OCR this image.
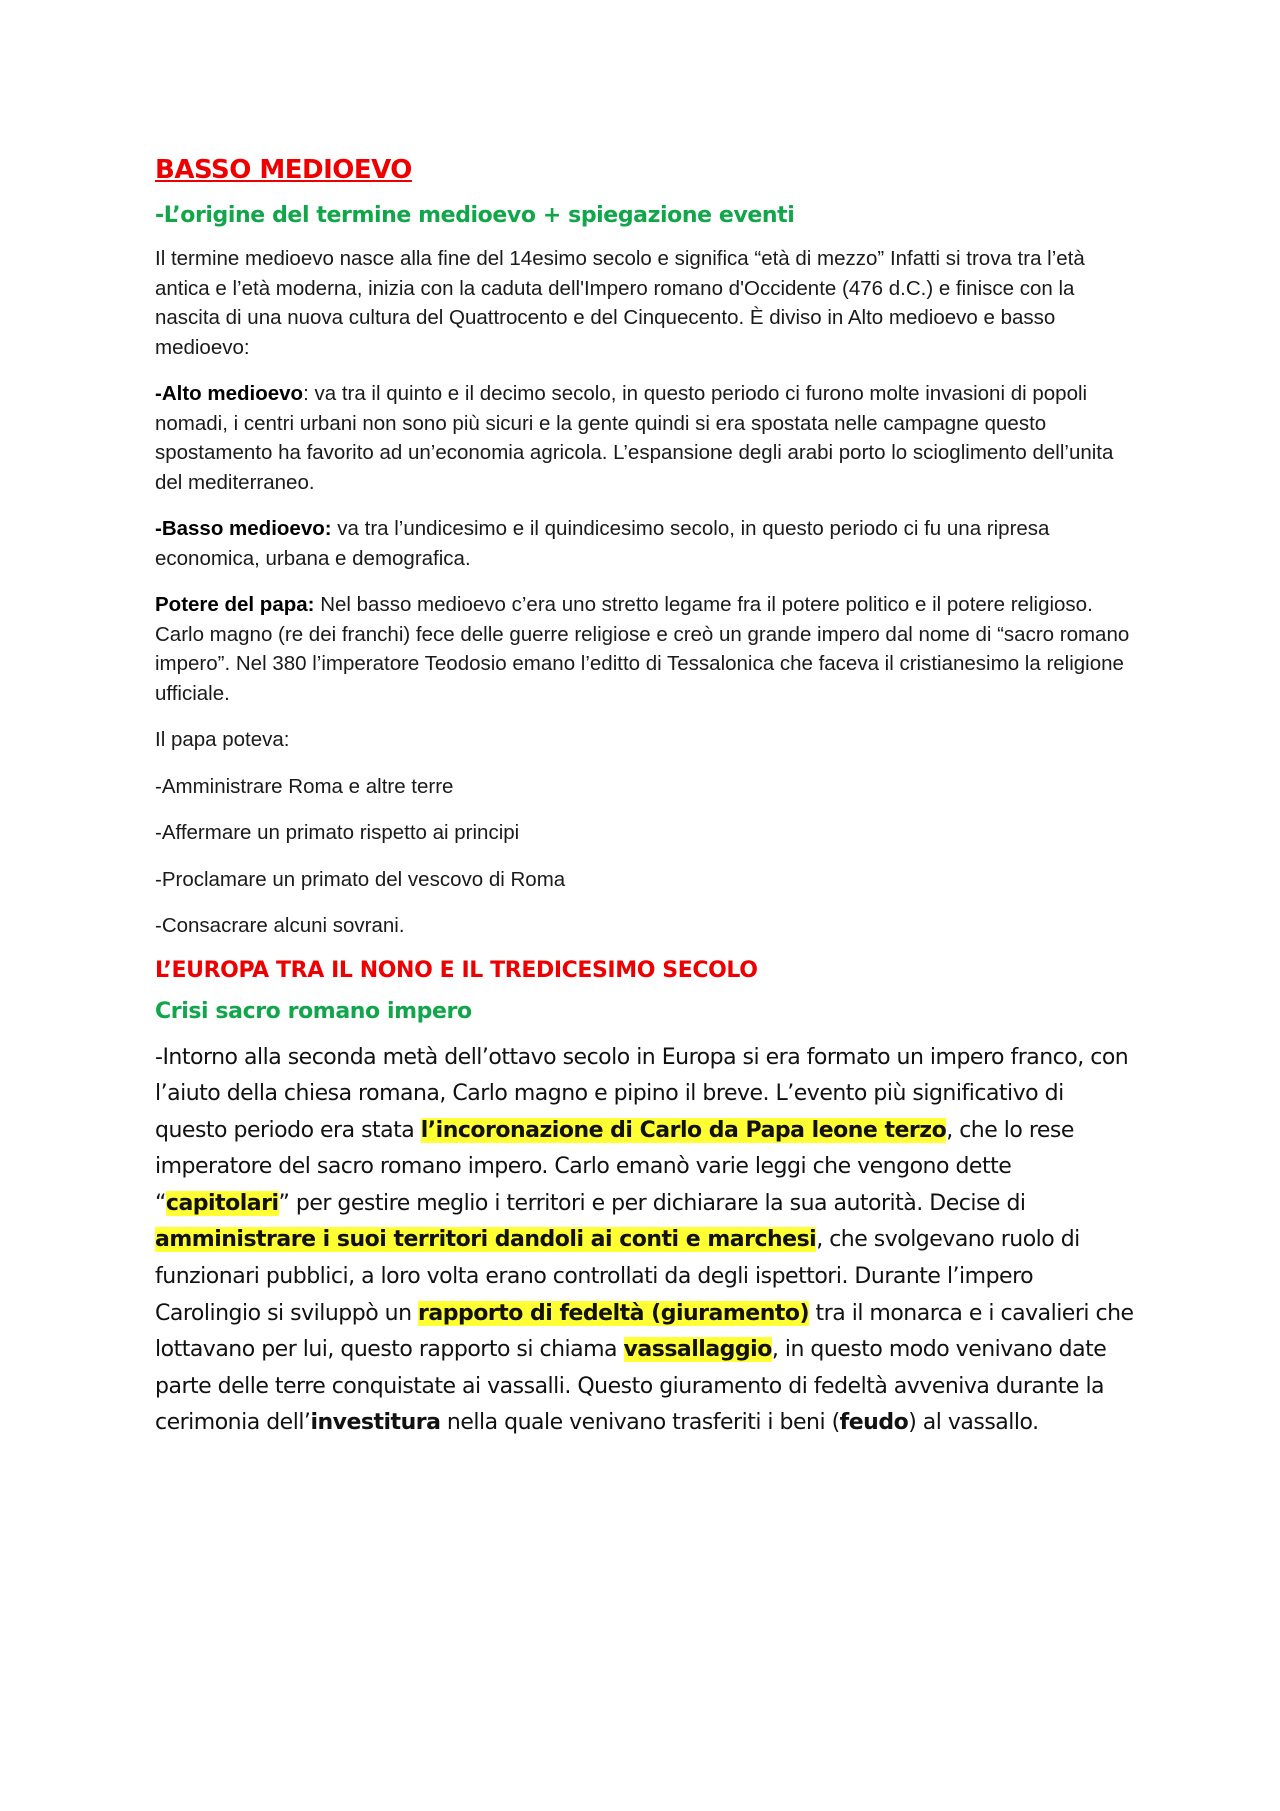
BASSO MEDIOEVO
-L’origine del termine medioevo + spiegazione eventi

Il termine medioevo nasce alla fine del 14esimo secolo e significa “età di mezzo” Infatti si trova tra l’età antica e l’età moderna, inizia con la caduta dell'Impero romano d'Occidente (476 d.C.) e finisce con la nascita di una nuova cultura del Quattrocento e del Cinquecento. È diviso in Alto medioevo e basso medioevo:

-Alto medioevo: va tra il quinto e il decimo secolo, in questo periodo ci furono molte invasioni di popoli nomadi, i centri urbani non sono più sicuri e la gente quindi si era spostata nelle campagne questo spostamento ha favorito ad un’economia agricola. L’espansione degli arabi porto lo scioglimento dell’unita del mediterraneo.

-Basso medioevo: va tra l’undicesimo e il quindicesimo secolo, in questo periodo ci fu una ripresa economica, urbana e demografica.

Potere del papa: Nel basso medioevo c’era uno stretto legame fra il potere politico e il potere religioso. Carlo magno (re dei franchi) fece delle guerre religiose e creò un grande impero dal nome di “sacro romano impero”. Nel 380 l’imperatore Teodosio emano l’editto di Tessalonica che faceva il cristianesimo la religione ufficiale.

Il papa poteva:

-Amministrare Roma e altre terre

-Affermare un primato rispetto ai principi

-Proclamare un primato del vescovo di Roma

-Consacrare alcuni sovrani.

L’EUROPA TRA IL NONO E IL TREDICESIMO SECOLO
Crisi sacro romano impero

-Intorno alla seconda metà dell’ottavo secolo in Europa si era formato un impero franco, con l’aiuto della chiesa romana, Carlo magno e pipino il breve. L’evento più significativo di questo periodo era stata l’incoronazione di Carlo da Papa leone terzo, che lo rese imperatore del sacro romano impero. Carlo emanò varie leggi che vengono dette “capitolari” per gestire meglio i territori e per dichiarare la sua autorità. Decise di amministrare i suoi territori dandoli ai conti e marchesi, che svolgevano ruolo di funzionari pubblici, a loro volta erano controllati da degli ispettori. Durante l’impero Carolingio si sviluppò un rapporto di fedeltà (giuramento) tra il monarca e i cavalieri che lottavano per lui, questo rapporto si chiama vassallaggio, in questo modo venivano date parte delle terre conquistate ai vassalli. Questo giuramento di fedeltà avveniva durante la cerimonia dell’investitura nella quale venivano trasferiti i beni (feudo) al vassallo.
